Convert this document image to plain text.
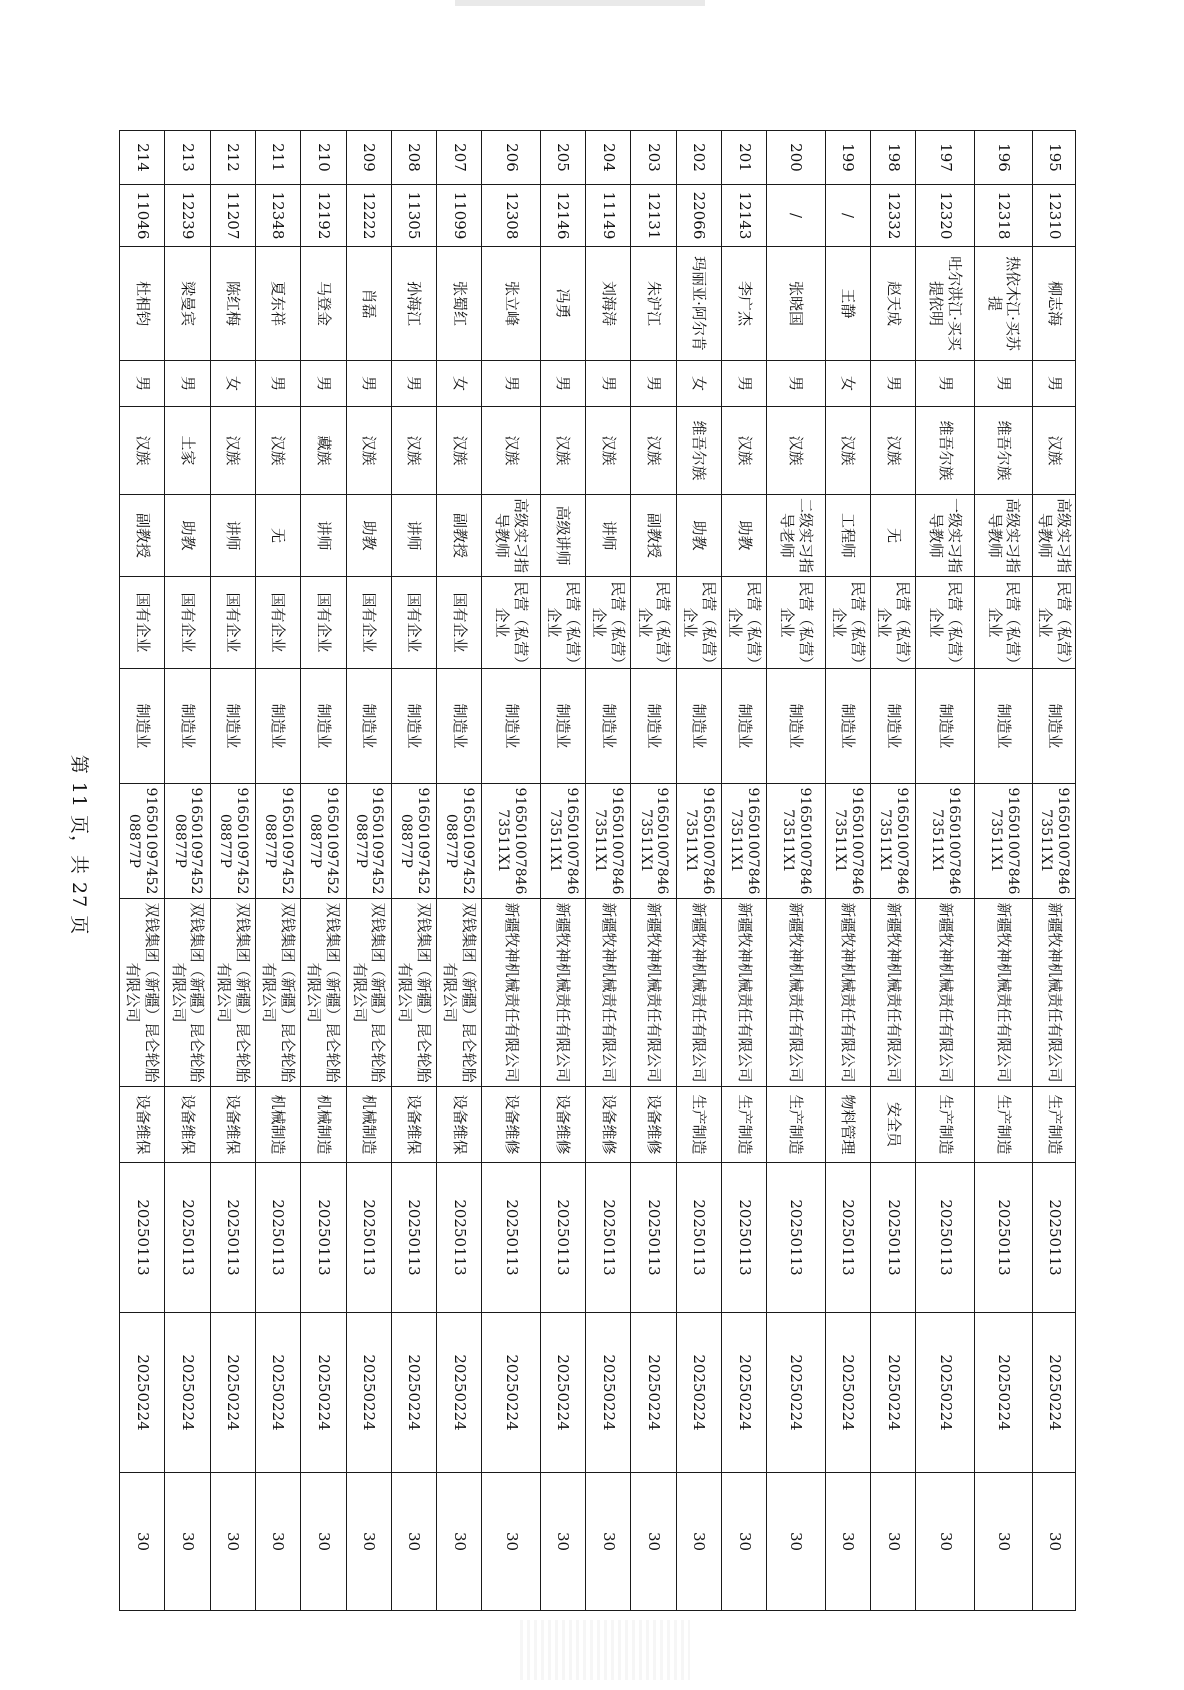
195	12310	柳志海	男	汉族	高级实习指导教师	民营（私营）企业	制造业	91650100784673511X1	新疆牧神机械责任有限公司	生产制造	20250113	20250224	30
196	12318	热依木江·买苏提	男	维吾尔族	高级实习指导教师	民营（私营）企业	制造业	91650100784673511X1	新疆牧神机械责任有限公司	生产制造	20250113	20250224	30
197	12320	吐尔洪江·买买提依明	男	维吾尔族	一级实习指导教师	民营（私营）企业	制造业	91650100784673511X1	新疆牧神机械责任有限公司	生产制造	20250113	20250224	30
198	12332	赵天成	男	汉族	无	民营（私营）企业	制造业	91650100784673511X1	新疆牧神机械责任有限公司	安全员	20250113	20250224	30
199	/	王静	女	汉族	工程师	民营（私营）企业	制造业	91650100784673511X1	新疆牧神机械责任有限公司	物料管理	20250113	20250224	30
200	/	张晓国	男	汉族	二级实习指导老师	民营（私营）企业	制造业	91650100784673511X1	新疆牧神机械责任有限公司	生产制造	20250113	20250224	30
201	12143	李广杰	男	汉族	助教	民营（私营）企业	制造业	91650100784673511X1	新疆牧神机械责任有限公司	生产制造	20250113	20250224	30
202	22066	玛丽亚·阿尔肯	女	维吾尔族	助教	民营（私营）企业	制造业	91650100784673511X1	新疆牧神机械责任有限公司	生产制造	20250113	20250224	30
203	12131	朱沪江	男	汉族	副教授	民营（私营）企业	制造业	91650100784673511X1	新疆牧神机械责任有限公司	设备维修	20250113	20250224	30
204	11149	刘海涛	男	汉族	讲师	民营（私营）企业	制造业	91650100784673511X1	新疆牧神机械责任有限公司	设备维修	20250113	20250224	30
205	12146	冯勇	男	汉族	高级讲师	民营（私营）企业	制造业	91650100784673511X1	新疆牧神机械责任有限公司	设备维修	20250113	20250224	30
206	12308	张立峰	男	汉族	高级实习指导教师	民营（私营）企业	制造业	91650100784673511X1	新疆牧神机械责任有限公司	设备维修	20250113	20250224	30
207	11099	张蜀红	女	汉族	副教授	国有企业	制造业	91650109745208877P	双钱集团（新疆）昆仑轮胎有限公司	设备维保	20250113	20250224	30
208	11305	孙海江	男	汉族	讲师	国有企业	制造业	91650109745208877P	双钱集团（新疆）昆仑轮胎有限公司	设备维保	20250113	20250224	30
209	12222	肖磊	男	汉族	助教	国有企业	制造业	91650109745208877P	双钱集团（新疆）昆仑轮胎有限公司	机械制造	20250113	20250224	30
210	12192	马登金	男	藏族	讲师	国有企业	制造业	91650109745208877P	双钱集团（新疆）昆仑轮胎有限公司	机械制造	20250113	20250224	30
211	12348	夏东祥	男	汉族	无	国有企业	制造业	91650109745208877P	双钱集团（新疆）昆仑轮胎有限公司	机械制造	20250113	20250224	30
212	11207	陈红梅	女	汉族	讲师	国有企业	制造业	91650109745208877P	双钱集团（新疆）昆仑轮胎有限公司	设备维保	20250113	20250224	30
213	12239	梁曼宾	男	土家	助教	国有企业	制造业	91650109745208877P	双钱集团（新疆）昆仑轮胎有限公司	设备维保	20250113	20250224	30
214	11046	杜相钧	男	汉族	副教授	国有企业	制造业	91650109745208877P	双钱集团（新疆）昆仑轮胎有限公司	设备维保	20250113	20250224	30
第 11 页，共 27 页
